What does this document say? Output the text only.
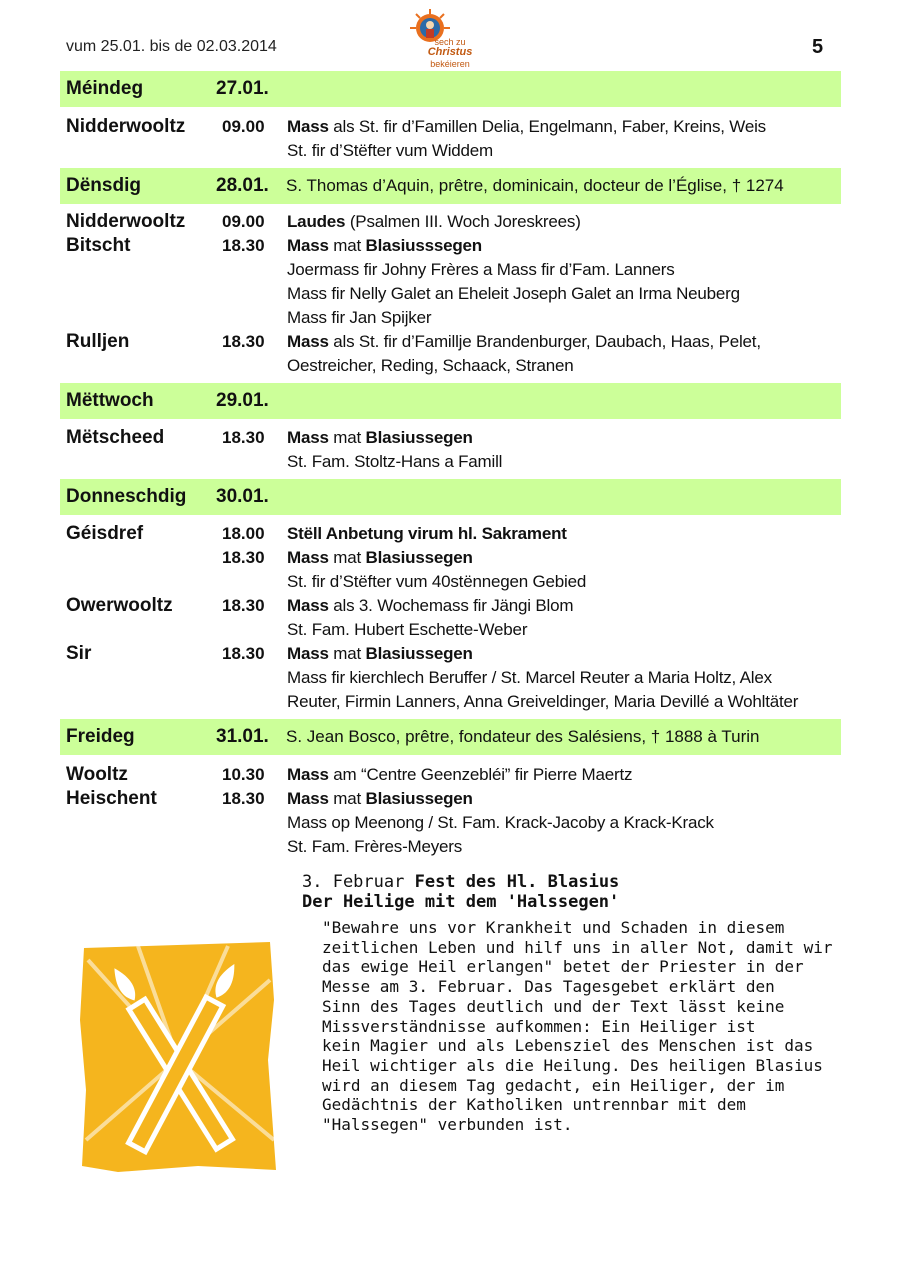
vum 25.01. bis de 02.03.2014	sech zu
Christus
bekéieren
5
Méindeg	27.01.
Nidderwooltz 09.00 Mass als St. fir d’Famillen Delia, Engelmann, Faber, Kreins, Weis
St. fir d’Stëfter vum Widdem
Dënsdig	28.01. S. Thomas d’Aquin, prêtre, dominicain, docteur de l’Église, † 1274
Nidderwooltz 09.00 Laudes (Psalmen III. Woch Joreskrees)
Bitscht	18.30 Mass mat Blasiusssegen
Joermass fir Johny Frères a Mass fir d’Fam. Lanners
Mass fir Nelly Galet an Eheleit Joseph Galet an Irma Neuberg
Mass fir Jan Spijker
Rulljen	18.30 Mass als St. fir d’Famillje Brandenburger, Daubach, Haas, Pelet,
Oestreicher, Reding, Schaack, Stranen
Mëttwoch	29.01.
Mëtscheed	18.30 Mass mat Blasiussegen
St. Fam. Stoltz-Hans a Famill
Donneschdig 30.01.
Géisdref	18.00 Stëll Anbetung virum hl. Sakrament
18.30 Mass mat Blasiussegen
St. fir d’Stëfter vum 40stënnegen Gebied
Owerwooltz	18.30 Mass als 3. Wochemass fir Jängi Blom
St. Fam. Hubert Eschette-Weber
Sir	18.30 Mass mat Blasiussegen
Mass fir kierchlech Beruffer / St. Marcel Reuter a Maria Holtz, Alex
Reuter, Firmin Lanners, Anna Greiveldinger, Maria Devillé a Wohltäter
Freideg	31.01. S. Jean Bosco, prêtre, fondateur des Salésiens, † 1888 à Turin
Wooltz	10.30 Mass am “Centre Geenzebléi” fir Pierre Maertz
Heischent	18.30 Mass mat Blasiussegen
Mass op Meenong / St. Fam. Krack-Jacoby a Krack-Krack
St. Fam. Frères-Meyers
3. Februar Fest des Hl. Blasius
Der Heilige mit dem 'Halssegen'
"Bewahre uns vor Krankheit und Schaden in diesem
zeitlichen Leben und hilf uns in aller Not, damit wir
das ewige Heil erlangen" betet der Priester in der
Messe am 3. Februar. Das Tagesgebet erklärt den
Sinn des Tages deutlich und der Text lässt keine
Missverständnisse aufkommen: Ein Heiliger ist
kein Magier und als Lebensziel des Menschen ist das
Heil wichtiger als die Heilung. Des heiligen Blasius
wird an diesem Tag gedacht, ein Heiliger, der im
Gedächtnis der Katholiken untrennbar mit dem
"Halssegen" verbunden ist.
